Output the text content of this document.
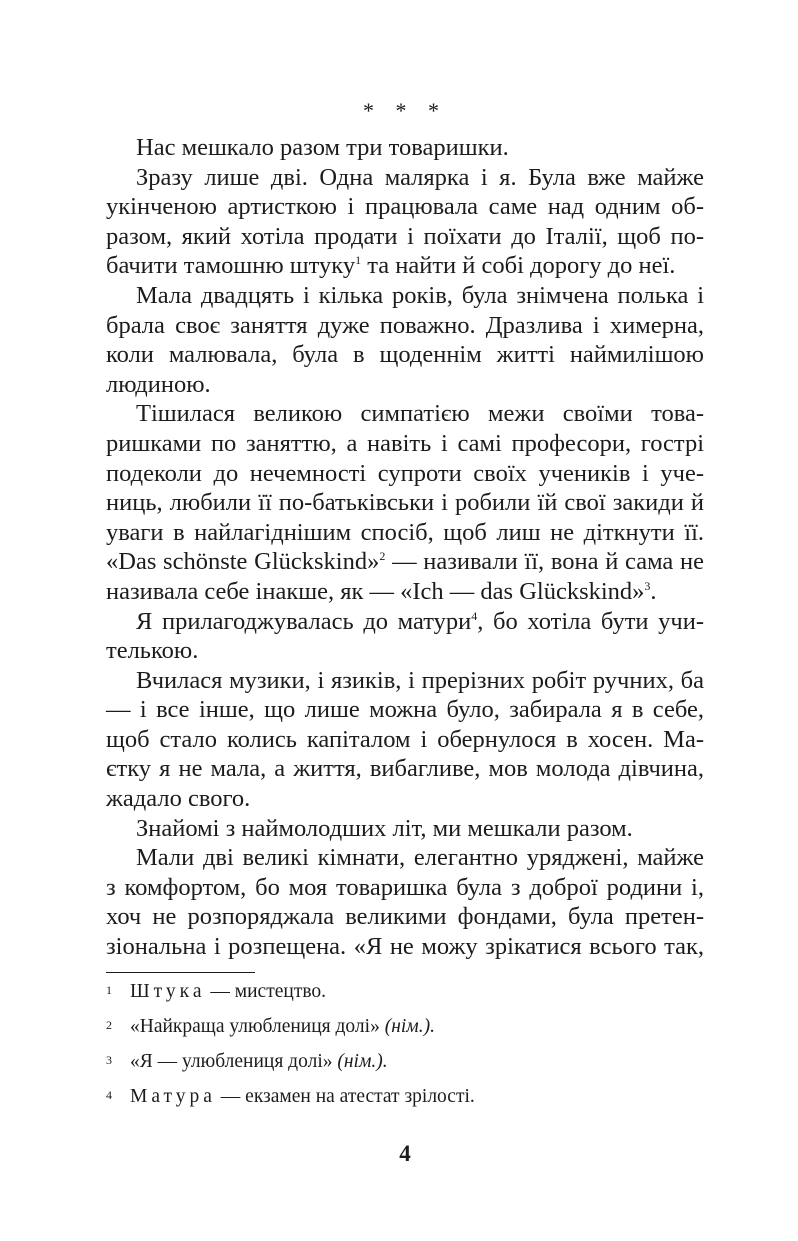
* * *

Нас мешкало разом три товаришки.

Зразу лише дві. Одна малярка і я. Була вже майже укінченою артисткою і працювала саме над одним образом, який хотіла продати і поїхати до Італії, щоб побачити тамошню штуку$^1$ та найти й собі дорогу до неї.

Мала двадцять і кілька років, була знімчена полька і брала своє заняття дуже поважно. Дразлива і химерна, коли малювала, була в щоденнім житті наймилішою людиною.

Тішилася великою симпатією межи своїми товаришками по заняттю, а навіть і самі професори, гострі подеколи до нечемності супроти своїх учеників і учениць, любили її по-батьківськи і робили їй свої закиди й уваги в найлагіднішим спосіб, щоб лиш не діткнути її. «Das schönste Glückskind»$^2$ — називали її, вона й сама не називала себе інакше, як — «Ich — das Glückskind»$^3$.

Я прилагоджувалась до матури$^4$, бо хотіла бути учителькою.

Вчилася музики, і язиків, і прерізних робіт ручних, ба — і все інше, що лише можна було, забирала я в себе, щоб стало колись капіталом і обернулося в хосен. Маєтку я не мала, а життя, вибагливе, мов молода дівчина, жадало свого.

Знайомі з наймолодших літ, ми мешкали разом.

Мали дві великі кімнати, елегантно уряджені, майже з комфортом, бо моя товаришка була з доброї родини і, хоч не розпоряджала великими фондами, була претензіональна і розпещена. «Я не можу зрікатися всього так,

1 Штука — мистецтво.
2 «Найкраща улюблениця долі» (нім.).
3 «Я — улюблениця долі» (нім.).
4 Матура — екзамен на атестат зрілості.
4
